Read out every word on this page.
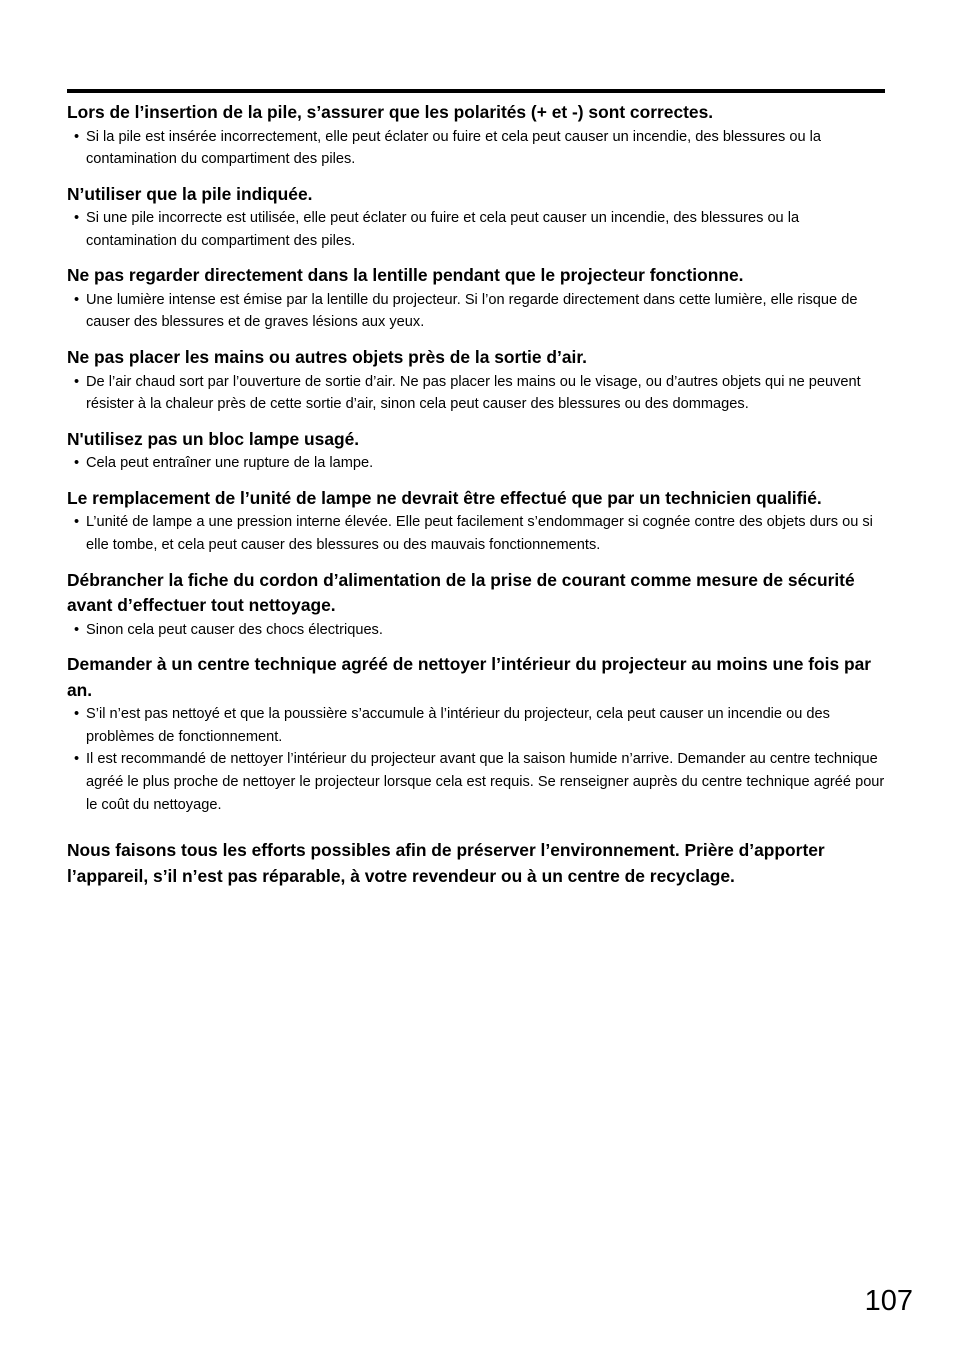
Lors de l’insertion de la pile, s’assurer que les polarités (+ et -) sont correctes.

• Si la pile est insérée incorrectement, elle peut éclater ou fuire et cela peut causer un incendie, des blessures ou la contamination du compartiment des piles.

N’utiliser que la pile indiquée.

• Si une pile incorrecte est utilisée, elle peut éclater ou fuire et cela peut causer un incendie, des blessures ou la contamination du compartiment des piles.

Ne pas regarder directement dans la lentille pendant que le projecteur fonctionne.

• Une lumière intense est émise par la lentille du projecteur. Si l’on regarde directement dans cette lumière, elle risque de causer des blessures et de graves lésions aux yeux.

Ne pas placer les mains ou autres objets près de la sortie d’air.

• De l’air chaud sort par l’ouverture de sortie d’air. Ne pas placer les mains ou le visage, ou d’autres objets qui ne peuvent résister à la chaleur près de cette sortie d’air, sinon cela peut causer des blessures ou des dommages.

N'utilisez pas un bloc lampe usagé.

• Cela peut entraîner une rupture de la lampe.

Le remplacement de l’unité de lampe ne devrait être effectué que par un technicien qualifié.

• L’unité de lampe a une pression interne élevée. Elle peut facilement s’endommager si cognée contre des objets durs ou si elle tombe, et cela peut causer des blessures ou des mauvais fonctionnements.

Débrancher la fiche du cordon d’alimentation de la prise de courant comme mesure de sécurité avant d’effectuer tout nettoyage.

• Sinon cela peut causer des chocs électriques.

Demander à un centre technique agréé de nettoyer l’intérieur du projecteur au moins une fois par an.

• S’il n’est pas nettoyé et que la poussière s’accumule à l’intérieur du projecteur, cela peut causer un incendie ou des problèmes de fonctionnement.
• Il est recommandé de nettoyer l’intérieur du projecteur avant que la saison humide n’arrive. Demander au centre technique agréé le plus proche de nettoyer le projecteur lorsque cela est requis. Se renseigner auprès du centre technique agréé pour le coût du nettoyage.

Nous faisons tous les efforts possibles afin de préserver l’environnement. Prière d’apporter l’appareil, s’il n’est pas réparable, à votre revendeur ou à un centre de recyclage.

107
